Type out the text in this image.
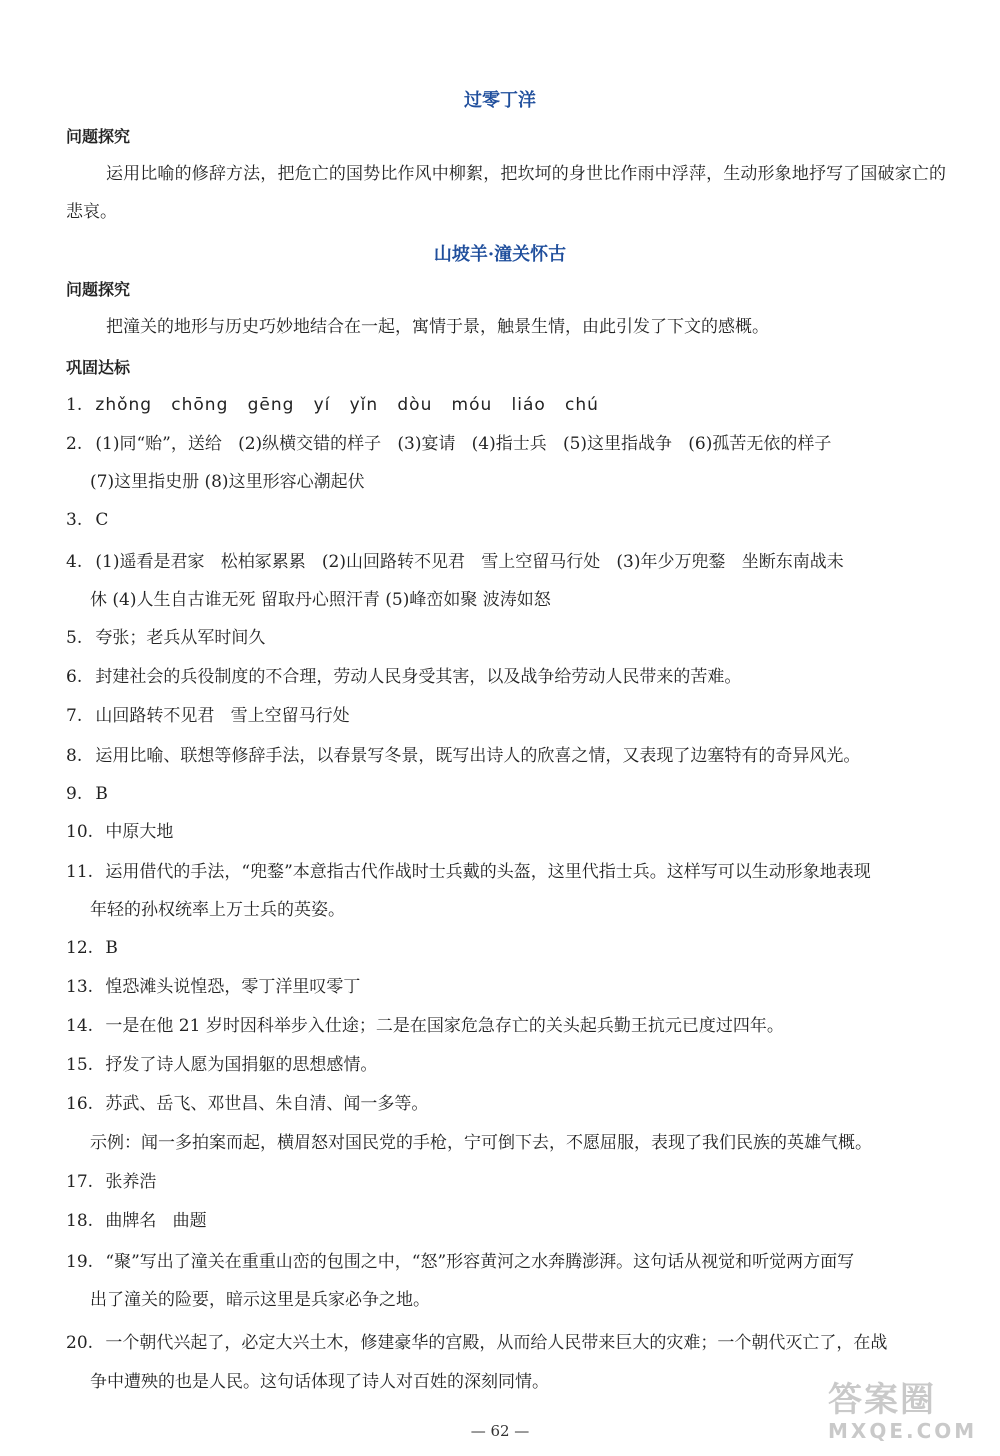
过零丁洋
问题探究
运用比喻的修辞方法，把危亡的国势比作风中柳絮，把坎坷的身世比作雨中浮萍，生动形象地抒写了国破家亡的悲哀。
山坡羊·潼关怀古
问题探究
把潼关的地形与历史巧妙地结合在一起，寓情于景，触景生情，由此引发了下文的感概。
巩固达标
1. zhǒng   chōng   gēng   yí   yǐn   dòu   móu   liáo   chú
2. (1)同“贻”，送给   (2)纵横交错的样子   (3)宴请   (4)指士兵   (5)这里指战争   (6)孤苦无依的样子
(7)这里指史册 (8)这里形容心潮起伏
3. C
4. (1)遥看是君家   松柏冢累累   (2)山回路转不见君   雪上空留马行处   (3)年少万兜鍪   坐断东南战未
休 (4)人生自古谁无死 留取丹心照汗青 (5)峰峦如聚 波涛如怒
5. 夸张；老兵从军时间久
6. 封建社会的兵役制度的不合理，劳动人民身受其害，以及战争给劳动人民带来的苦难。
7. 山回路转不见君   雪上空留马行处
8. 运用比喻、联想等修辞手法，以春景写冬景，既写出诗人的欣喜之情，又表现了边塞特有的奇异风光。
9. B
10. 中原大地
11. 运用借代的手法，“兜鍪”本意指古代作战时士兵戴的头盔，这里代指士兵。这样写可以生动形象地表现
年轻的孙权统率上万士兵的英姿。
12. B
13. 惶恐滩头说惶恐，零丁洋里叹零丁
14. 一是在他 21 岁时因科举步入仕途；二是在国家危急存亡的关头起兵勤王抗元已度过四年。
15. 抒发了诗人愿为国捐躯的思想感情。
16. 苏武、岳飞、邓世昌、朱自清、闻一多等。
示例：闻一多拍案而起，横眉怒对国民党的手枪，宁可倒下去，不愿屈服，表现了我们民族的英雄气概。
17. 张养浩
18. 曲牌名   曲题
19. “聚”写出了潼关在重重山峦的包围之中，“怒”形容黄河之水奔腾澎湃。这句话从视觉和听觉两方面写
出了潼关的险要，暗示这里是兵家必争之地。
20. 一个朝代兴起了，必定大兴土木，修建豪华的宫殿，从而给人民带来巨大的灾难；一个朝代灭亡了，在战
争中遭殃的也是人民。这句话体现了诗人对百姓的深刻同情。
— 62 —
答案圈
MXQE.COM
